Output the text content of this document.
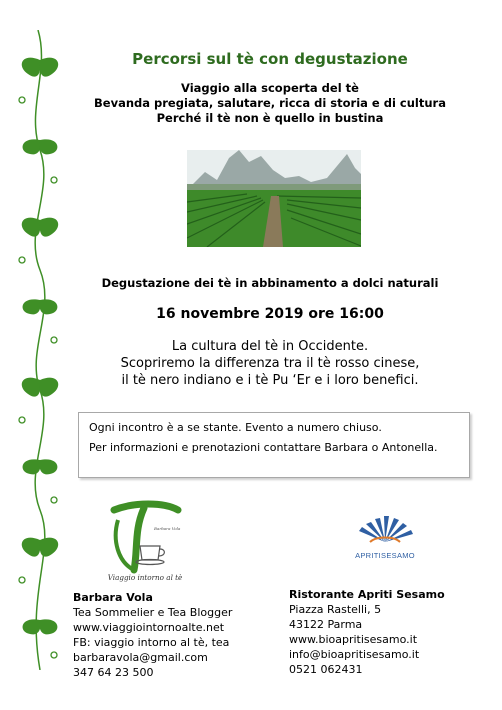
Percorsi sul tè con degustazione
Viaggio alla scoperta del tè
Bevanda pregiata, salutare, ricca di storia e di cultura
Perché il tè non è quello in bustina
Degustazione dei tè in abbinamento a dolci naturali
16 novembre 2019 ore 16:00
La cultura del tè in Occidente.
Scopriremo la differenza tra il tè rosso cinese,
il tè nero indiano e i tè Pu ‘Er e i loro benefici.
Ogni incontro è a se stante. Evento a numero chiuso.
Per informazioni e prenotazioni contattare Barbara o Antonella.
Barbara Vola
Viaggio intorno al tè
APRITISESAMO
Barbara Vola
Tea Sommelier e Tea Blogger
www.viaggiointornoalte.net
FB: viaggio intorno al tè, tea
barbaravola@gmail.com
347 64 23 500
Ristorante Apriti Sesamo
Piazza Rastelli, 5
43122 Parma
www.bioapritisesamo.it
info@bioapritisesamo.it
0521 062431
